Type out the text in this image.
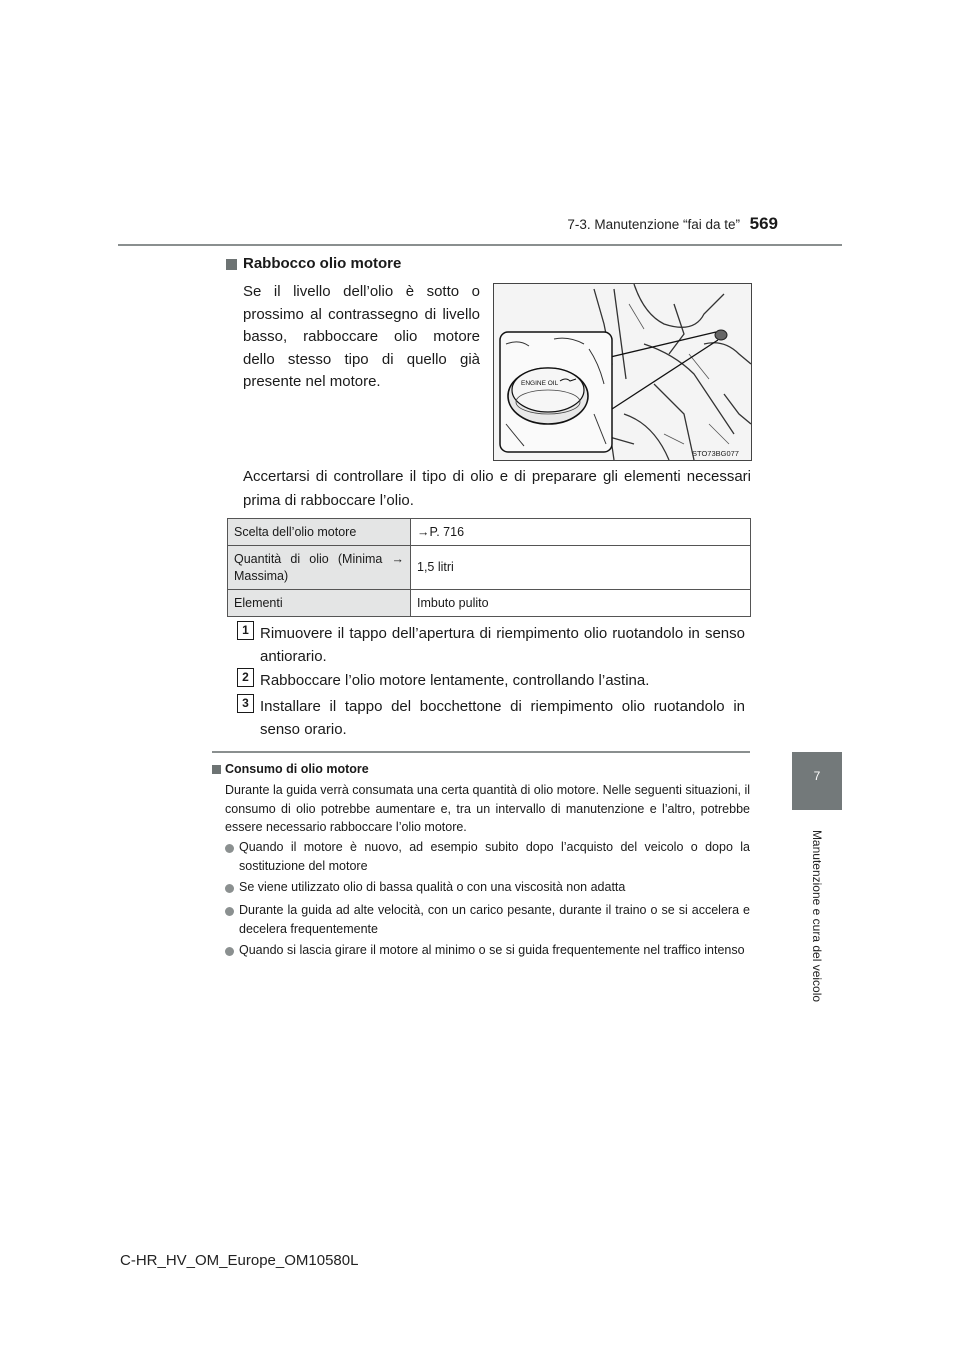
7-3. Manutenzione “fai da te” 569
7
Manutenzione e cura del veicolo
Rabbocco olio motore
Se il livello dell’olio è sotto o prossimo al contrassegno di livello basso, rabboccare olio motore dello stesso tipo di quello già presente nel motore.	ENGINE OIL
STO73BG077
Accertarsi di controllare il tipo di olio e di preparare gli elementi necessari prima di rabboccare l’olio.
Scelta dell’olio motore	→P. 716
Quantità di olio (Minima → Massima)	1,5 litri
Elementi	Imbuto pulito
1 Rimuovere il tappo dell’apertura di riempimento olio ruotandolo in senso antiorario.
2 Rabboccare l’olio motore lentamente, controllando l’astina.
3 Installare il tappo del bocchettone di riempimento olio ruotandolo in senso orario.
Consumo di olio motore
Durante la guida verrà consumata una certa quantità di olio motore. Nelle seguenti situazioni, il consumo di olio potrebbe aumentare e, tra un intervallo di manutenzione e l’altro, potrebbe essere necessario rabboccare l’olio motore.
Quando il motore è nuovo, ad esempio subito dopo l’acquisto del veicolo o dopo la sostituzione del motore
Se viene utilizzato olio di bassa qualità o con una viscosità non adatta
Durante la guida ad alte velocità, con un carico pesante, durante il traino o se si accelera e decelera frequentemente
Quando si lascia girare il motore al minimo o se si guida frequentemente nel traffico intenso
C-HR_HV_OM_Europe_OM10580L
